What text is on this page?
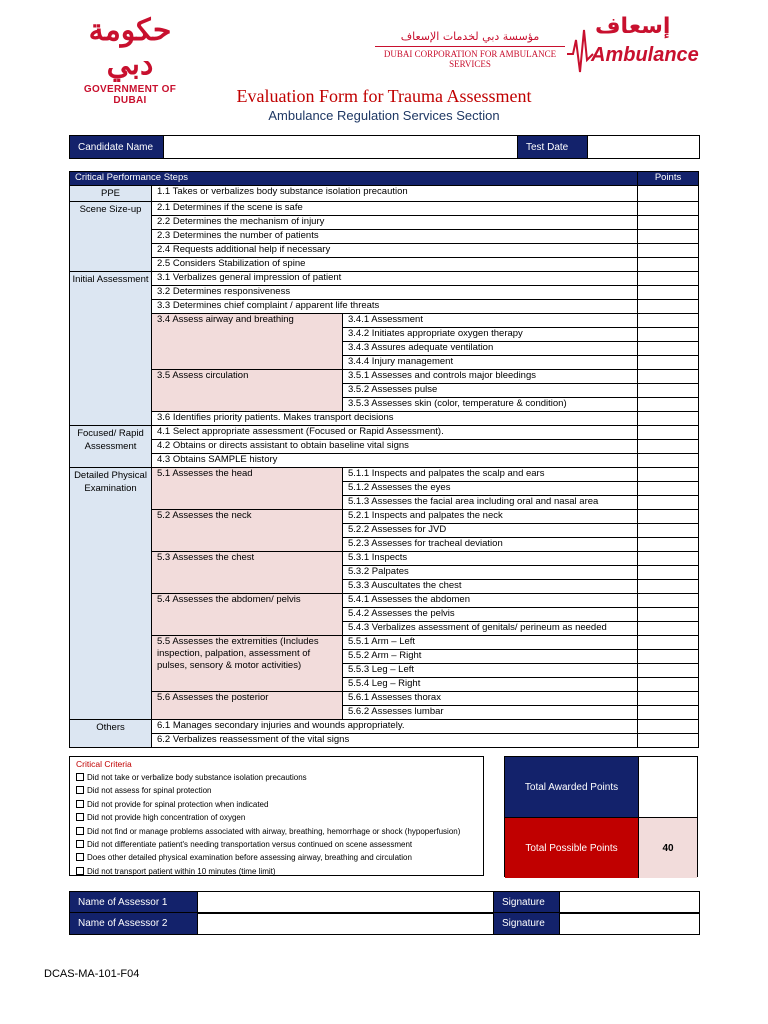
حكومة دبي
GOVERNMENT OF DUBAI
مؤسسة دبي لخدمات الإسعاف
DUBAI CORPORATION FOR AMBULANCE SERVICES
إسعاف
Ambulance
Evaluation Form for Trauma Assessment
Ambulance Regulation Services Section
Candidate Name	Test Date
Critical Performance Steps			Points
PPE	1.1 Takes or verbalizes body substance isolation precaution		
Scene Size-up	2.1 Determines if the scene is safe		
	2.2 Determines the mechanism of injury		
	2.3 Determines the number of patients		
	2.4 Requests additional help if necessary		
	2.5 Considers Stabilization of spine		
Initial Assessment	3.1 Verbalizes general impression of patient		
	3.2 Determines responsiveness		
	3.3 Determines chief complaint / apparent life threats		
	3.4 Assess airway and breathing	3.4.1 Assessment	
		3.4.2 Initiates appropriate oxygen therapy	
		3.4.3 Assures adequate ventilation	
		3.4.4 Injury management	
	3.5 Assess circulation	3.5.1 Assesses and controls major bleedings	
		3.5.2 Assesses pulse	
		3.5.3 Assesses skin (color, temperature & condition)	
	3.6 Identifies priority patients. Makes transport decisions		
Focused/ Rapid Assessment	4.1 Select appropriate assessment (Focused or Rapid Assessment).		
	4.2 Obtains or directs assistant to obtain baseline vital signs		
	4.3 Obtains SAMPLE history		
Detailed Physical Examination	5.1 Assesses the head	5.1.1 Inspects and palpates the scalp and ears	
		5.1.2 Assesses the eyes	
		5.1.3 Assesses the facial area including oral and nasal area	
	5.2 Assesses the neck	5.2.1 Inspects and palpates the neck	
		5.2.2 Assesses for JVD	
		5.2.3 Assesses for tracheal deviation	
	5.3 Assesses the chest	5.3.1 Inspects	
		5.3.2 Palpates	
		5.3.3 Auscultates the chest	
	5.4 Assesses the abdomen/ pelvis	5.4.1 Assesses the abdomen	
		5.4.2 Assesses the pelvis	
		5.4.3 Verbalizes assessment of genitals/ perineum as needed	
	5.5 Assesses the extremities (Includes inspection, palpation, assessment of pulses, sensory & motor activities)	5.5.1 Arm – Left	
		5.5.2 Arm – Right	
		5.5.3 Leg – Left	
		5.5.4 Leg – Right	
	5.6 Assesses the posterior	5.6.1 Assesses thorax	
		5.6.2 Assesses lumbar	
Others	6.1 Manages secondary injuries and wounds appropriately.		
	6.2 Verbalizes reassessment of the vital signs		
Critical Criteria
Did not take or verbalize body substance isolation precautions
Did not assess for spinal protection
Did not provide for spinal protection when indicated
Did not provide high concentration of oxygen
Did not find or manage problems associated with airway, breathing, hemorrhage or shock (hypoperfusion)
Did not differentiate patient's needing transportation versus continued on scene assessment
Does other detailed physical examination before assessing airway, breathing and circulation
Did not transport patient within 10 minutes (time limit)
Total Awarded Points
Total Possible Points	40
Name of Assessor 1	Signature
Name of Assessor 2	Signature
DCAS-MA-101-F04
